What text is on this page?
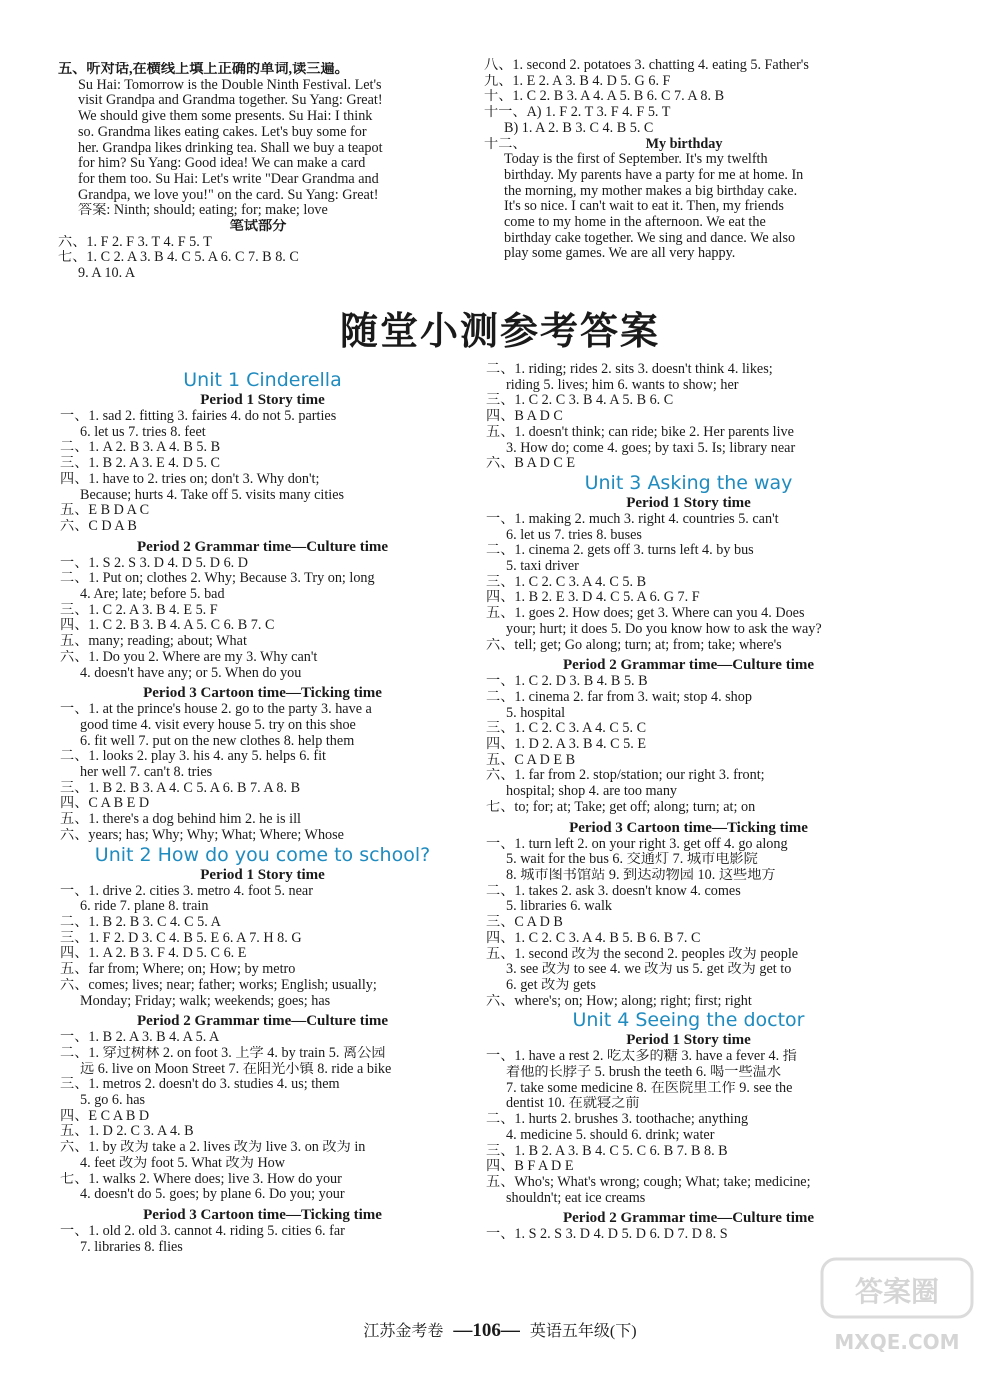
五、听对话,在横线上填上正确的单词,读三遍。
Su Hai: Tomorrow is the Double Ninth Festival. Let's
visit Grandpa and Grandma together. Su Yang: Great!
We should give them some presents. Su Hai: I think
so. Grandma likes eating cakes. Let's buy some for
her. Grandpa likes drinking tea. Shall we buy a teapot
for him? Su Yang: Good idea! We can make a card
for them too. Su Hai: Let's write "Dear Grandma and
Grandpa, we love you!" on the card. Su Yang: Great!
答案: Ninth; should; eating; for; make; love
笔试部分
六、1. F 2. F 3. T 4. F 5. T
七、1. C 2. A 3. B 4. C 5. A 6. C 7. B 8. C
9. A 10. A
八、1. second 2. potatoes 3. chatting 4. eating 5. Father's
九、1. E 2. A 3. B 4. D 5. G 6. F
十、1. C 2. B 3. A 4. A 5. B 6. C 7. A 8. B
十一、A) 1. F 2. T 3. F 4. F 5. T
B) 1. A 2. B 3. C 4. B 5. C
十二、	My birthday
Today is the first of September. It's my twelfth
birthday. My parents have a party for me at home. In
the morning, my mother makes a big birthday cake.
It's so nice. I can't wait to eat it. Then, my friends
come to my home in the afternoon. We eat the
birthday cake together. We sing and dance. We also
play some games. We are all very happy.
随堂小测参考答案
Unit 1 Cinderella
Period 1 Story time
一、1. sad 2. fitting 3. fairies 4. do not 5. parties
6. let us 7. tries 8. feet
二、1. A 2. B 3. A 4. B 5. B
三、1. B 2. A 3. E 4. D 5. C
四、1. have to 2. tries on; don't 3. Why don't;
Because; hurts 4. Take off 5. visits many cities
五、E B D A C
六、C D A B
Period 2 Grammar time—Culture time
一、1. S 2. S 3. D 4. D 5. D 6. D
二、1. Put on; clothes 2. Why; Because 3. Try on; long
4. Are; late; before 5. bad
三、1. C 2. A 3. B 4. E 5. F
四、1. C 2. B 3. B 4. A 5. C 6. B 7. C
五、many; reading; about; What
六、1. Do you 2. Where are my 3. Why can't
4. doesn't have any; or 5. When do you
Period 3 Cartoon time—Ticking time
一、1. at the prince's house 2. go to the party 3. have a
good time 4. visit every house 5. try on this shoe
6. fit well 7. put on the new clothes 8. help them
二、1. looks 2. play 3. his 4. any 5. helps 6. fit
her well 7. can't 8. tries
三、1. B 2. B 3. A 4. C 5. A 6. B 7. A 8. B
四、C A B E D
五、1. there's a dog behind him 2. he is ill
六、years; has; Why; Why; What; Where; Whose
Unit 2 How do you come to school?
Period 1 Story time
一、1. drive 2. cities 3. metro 4. foot 5. near
6. ride 7. plane 8. train
二、1. B 2. B 3. C 4. C 5. A
三、1. F 2. D 3. C 4. B 5. E 6. A 7. H 8. G
四、1. A 2. B 3. F 4. D 5. C 6. E
五、far from; Where; on; How; by metro
六、comes; lives; near; father; works; English; usually;
Monday; Friday; walk; weekends; goes; has
Period 2 Grammar time—Culture time
一、1. B 2. A 3. B 4. A 5. A
二、1. 穿过树林 2. on foot 3. 上学 4. by train 5. 离公园
远 6. live on Moon Street 7. 在阳光小镇 8. ride a bike
三、1. metros 2. doesn't do 3. studies 4. us; them
5. go 6. has
四、E C A B D
五、1. D 2. C 3. A 4. B
六、1. by 改为 take a 2. lives 改为 live 3. on 改为 in
4. feet 改为 foot 5. What 改为 How
七、1. walks 2. Where does; live 3. How do your
4. doesn't do 5. goes; by plane 6. Do you; your
Period 3 Cartoon time—Ticking time
一、1. old 2. old 3. cannot 4. riding 5. cities 6. far
7. libraries 8. flies
二、1. riding; rides 2. sits 3. doesn't think 4. likes;
riding 5. lives; him 6. wants to show; her
三、1. C 2. C 3. B 4. A 5. B 6. C
四、B A D C
五、1. doesn't think; can ride; bike 2. Her parents live
3. How do; come 4. goes; by taxi 5. Is; library near
六、B A D C E
Unit 3 Asking the way
Period 1 Story time
一、1. making 2. much 3. right 4. countries 5. can't
6. let us 7. tries 8. buses
二、1. cinema 2. gets off 3. turns left 4. by bus
5. taxi driver
三、1. C 2. C 3. A 4. C 5. B
四、1. B 2. E 3. D 4. C 5. A 6. G 7. F
五、1. goes 2. How does; get 3. Where can you 4. Does
your; hurt; it does 5. Do you know how to ask the way?
六、tell; get; Go along; turn; at; from; take; where's
Period 2 Grammar time—Culture time
一、1. C 2. D 3. B 4. B 5. B
二、1. cinema 2. far from 3. wait; stop 4. shop
5. hospital
三、1. C 2. C 3. A 4. C 5. C
四、1. D 2. A 3. B 4. C 5. E
五、C A D E B
六、1. far from 2. stop/station; our right 3. front;
hospital; shop 4. are too many
七、to; for; at; Take; get off; along; turn; at; on
Period 3 Cartoon time—Ticking time
一、1. turn left 2. on your right 3. get off 4. go along
5. wait for the bus 6. 交通灯 7. 城市电影院
8. 城市图书馆站 9. 到达动物园 10. 这些地方
二、1. takes 2. ask 3. doesn't know 4. comes
5. libraries 6. walk
三、C A D B
四、1. C 2. C 3. A 4. B 5. B 6. B 7. C
五、1. second 改为 the second 2. peoples 改为 people
3. see 改为 to see 4. we 改为 us 5. get 改为 get to
6. get 改为 gets
六、where's; on; How; along; right; first; right
Unit 4 Seeing the doctor
Period 1 Story time
一、1. have a rest 2. 吃太多的糖 3. have a fever 4. 指
着他的长脖子 5. brush the teeth 6. 喝一些温水
7. take some medicine 8. 在医院里工作 9. see the
dentist 10. 在就寝之前
二、1. hurts 2. brushes 3. toothache; anything
4. medicine 5. should 6. drink; water
三、1. B 2. A 3. B 4. C 5. C 6. B 7. B 8. B
四、B F A D E
五、Who's; What's wrong; cough; What; take; medicine;
shouldn't; eat ice creams
Period 2 Grammar time—Culture time
一、1. S 2. S 3. D 4. D 5. D 6. D 7. D 8. S
江苏金考卷 —106— 英语五年级(下)
答案圈
MXQE.COM
